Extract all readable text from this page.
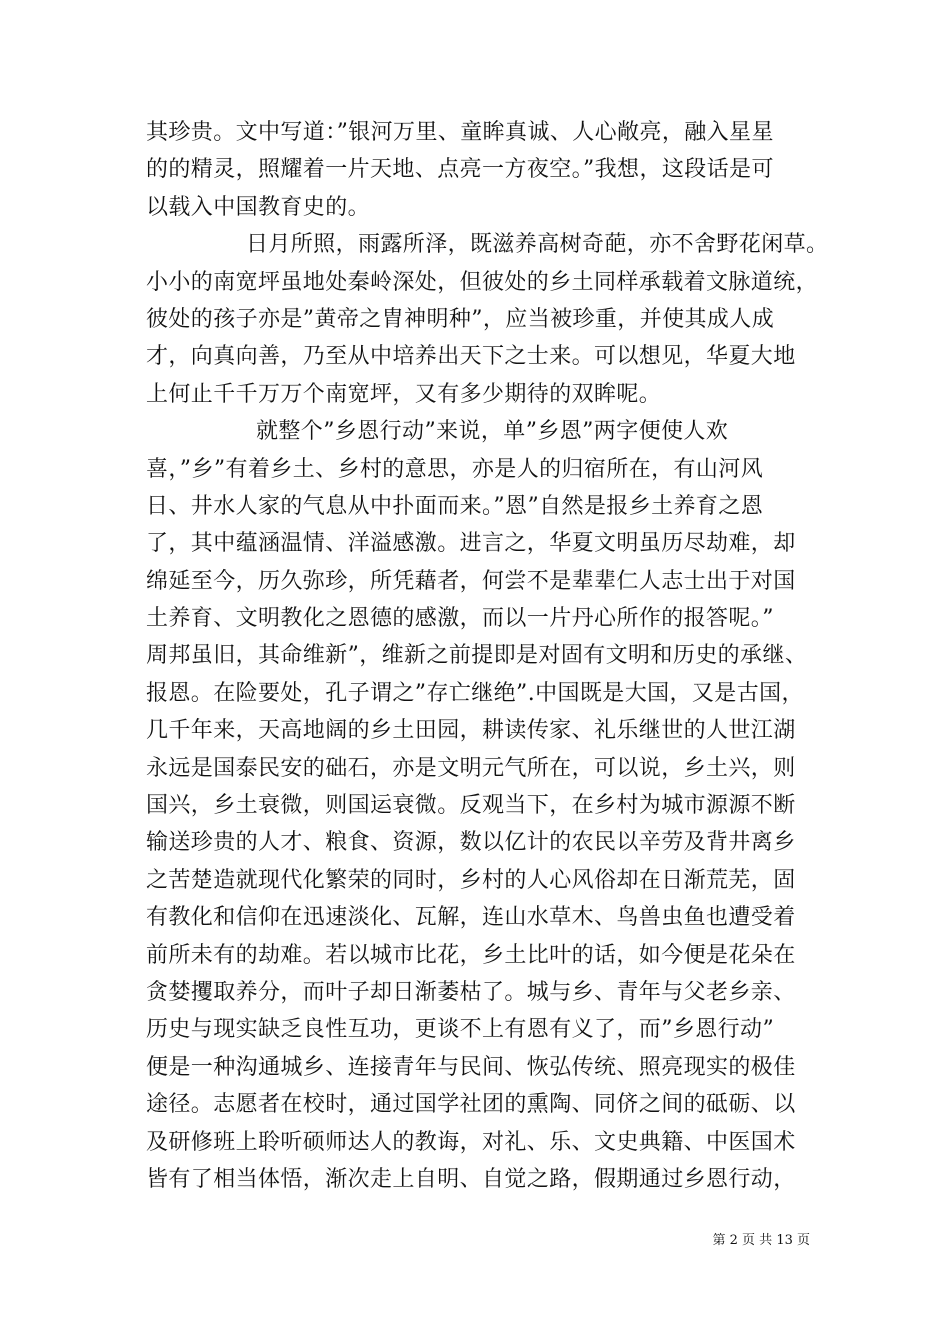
其珍贵。文中写道：”银河万里、童眸真诚、人心敞亮，融入星星
的的精灵，照耀着一片天地、点亮一方夜空。”我想，这段话是可
以载入中国教育史的。

日月所照，雨露所泽，既滋养高树奇葩，亦不舍野花闲草。
小小的南宽坪虽地处秦岭深处，但彼处的乡土同样承载着文脉道统，
彼处的孩子亦是”黄帝之胄神明种”，应当被珍重，并使其成人成
才，向真向善，乃至从中培养出天下之士来。可以想见，华夏大地
上何止千千万万个南宽坪，又有多少期待的双眸呢。

就整个”乡恩行动”来说，单”乡恩”两字便使人欢
喜，”乡”有着乡土、乡村的意思，亦是人的归宿所在，有山河风
日、井水人家的气息从中扑面而来。”恩”自然是报乡土养育之恩
了，其中蕴涵温情、洋溢感激。进言之，华夏文明虽历尽劫难，却
绵延至今，历久弥珍，所凭藉者，何尝不是辈辈仁人志士出于对国
土养育、文明教化之恩德的感激，而以一片丹心所作的报答呢。”
周邦虽旧，其命维新”，维新之前提即是对固有文明和历史的承继、
报恩。在险要处，孔子谓之”存亡继绝”.中国既是大国，又是古国，
几千年来，天高地阔的乡土田园，耕读传家、礼乐继世的人世江湖
永远是国泰民安的础石，亦是文明元气所在，可以说，乡土兴，则
国兴，乡土衰微，则国运衰微。反观当下，在乡村为城市源源不断
输送珍贵的人才、粮食、资源，数以亿计的农民以辛劳及背井离乡
之苦楚造就现代化繁荣的同时，乡村的人心风俗却在日渐荒芜，固
有教化和信仰在迅速淡化、瓦解，连山水草木、鸟兽虫鱼也遭受着
前所未有的劫难。若以城市比花，乡土比叶的话，如今便是花朵在
贪婪攫取养分，而叶子却日渐萎枯了。城与乡、青年与父老乡亲、
历史与现实缺乏良性互功，更谈不上有恩有义了，而”乡恩行动”
便是一种沟通城乡、连接青年与民间、恢弘传统、照亮现实的极佳
途径。志愿者在校时，通过国学社团的熏陶、同侪之间的砥砺、以
及研修班上聆听硕师达人的教诲，对礼、乐、文史典籍、中医国术
皆有了相当体悟，渐次走上自明、自觉之路，假期通过乡恩行动，

第 2 页 共 13 页
